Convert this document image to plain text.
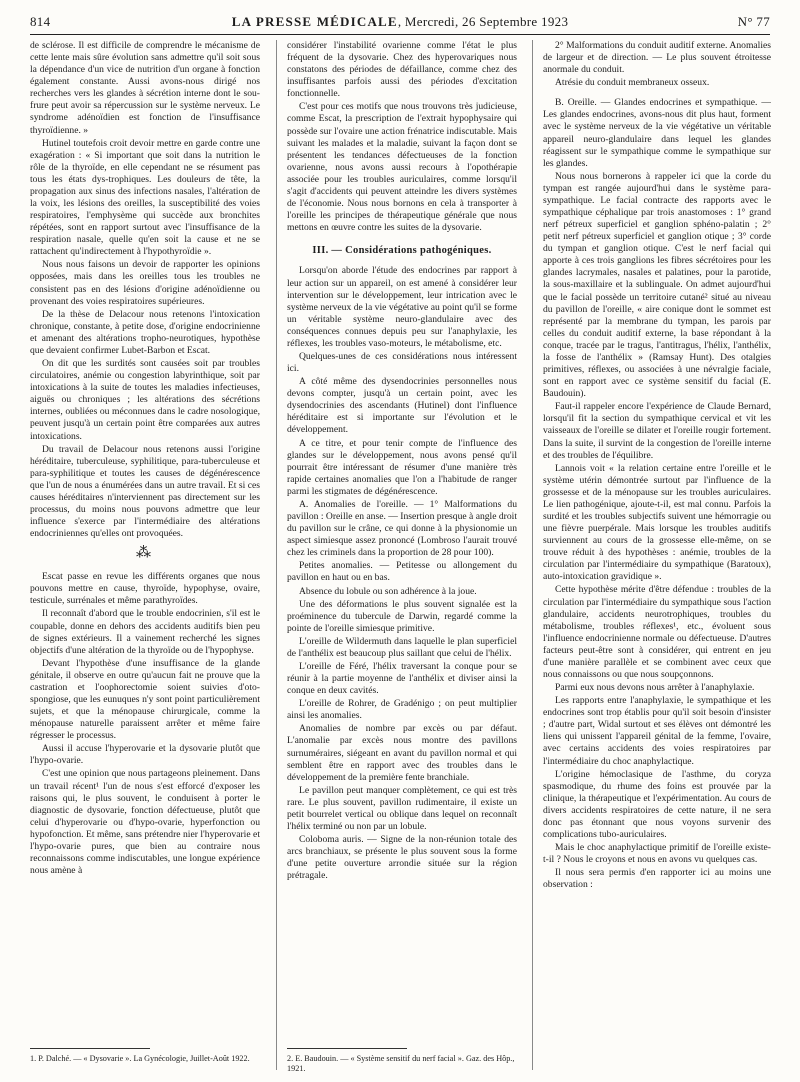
814	LA PRESSE MÉDICALE, Mercredi, 26 Septembre 1923	N° 77

de sclérose. Il est difficile de comprendre le mécanisme de cette lente mais sûre évolution sans admettre qu'il soit sous la dépendance d'un vice de nutrition d'un organe à fonction également constante. Aussi avons-nous dirigé nos recherches vers les glandes à sécrétion interne dont le sou-frure peut avoir sa répercussion sur le système nerveux. Le syndrome adénoïdien est fonction de l'insuffisance thyroïdienne. »

Hutinel toutefois croit devoir mettre en garde contre une exagération : « Si important que soit dans la nutrition le rôle de la thyroïde, en elle cependant ne se résument pas tous les états dys-trophiques. Les douleurs de tête, la propagation aux sinus des infections nasales, l'altération de la voix, les lésions des oreilles, la susceptibilité des voies respiratoires, l'emphysème qui succède aux bronchites répétées, sont en rapport surtout avec l'insuffisance de la respiration nasale, quelle qu'en soit la cause et ne se rattachent qu'indirectement à l'hypothyroïdie ».

Nous nous faisons un devoir de rapporter les opinions opposées, mais dans les oreilles tous les troubles ne consistent pas en des lésions d'origine adénoïdienne ou provenant des voies respiratoires supérieures.

De la thèse de Delacour nous retenons l'intoxication chronique, constante, à petite dose, d'origine endocrinienne et amenant des altérations tropho-neurotiques, hypothèse que devaient confirmer Lubet-Barbon et Escat.

On dit que les surdités sont causées soit par troubles circulatoires, anémie ou congestion labyrinthique, soit par intoxications à la suite de toutes les maladies infectieuses, aiguës ou chroniques ; les altérations des sécrétions internes, oubliées ou méconnues dans le cadre nosologique, peuvent jusqu'à un certain point être comparées aux autres intoxications.

Du travail de Delacour nous retenons aussi l'origine héréditaire, tuberculeuse, syphilitique, para-tuberculeuse et para-syphilitique et toutes les causes de dégénérescence que l'un de nous a énumérées dans un autre travail. Et si ces causes héréditaires n'interviennent pas directement sur les processus, du moins nous pouvons admettre que leur influence s'exerce par l'intermédiaire des altérations endocriniennes qu'elles ont provoquées.

⁂

Escat passe en revue les différents organes que nous pouvons mettre en cause, thyroïde, hypophyse, ovaire, testicule, surrénales et même parathyroïdes.

Il reconnaît d'abord que le trouble endocrinien, s'il est le coupable, donne en dehors des accidents auditifs bien peu de signes extérieurs. Il a vainement recherché les signes objectifs d'une altération de la thyroïde ou de l'hypophyse.

Devant l'hypothèse d'une insuffisance de la glande génitale, il observe en outre qu'aucun fait ne prouve que la castration et l'oophorectomie soient suivies d'oto-spongiose, que les eunuques n'y sont point particulièrement sujets, et que la ménopause chirurgicale, comme la ménopause naturelle paraissent arrêter et même faire régresser le processus.

Aussi il accuse l'hyperovarie et la dysovarie plutôt que l'hypo-ovarie.

C'est une opinion que nous partageons pleinement. Dans un travail récent¹ l'un de nous s'est efforcé d'exposer les raisons qui, le plus souvent, le conduisent à porter le diagnostic de dysovarie, fonction défectueuse, plutôt que celui d'hyperovarie ou d'hypo-ovarie, hyperfonction ou hypofonction. Et même, sans prétendre nier l'hyperovarie et l'hypo-ovarie pures, que bien au contraire nous reconnaissons comme indiscutables, une longue expérience nous amène à

considérer l'instabilité ovarienne comme l'état le plus fréquent de la dysovarie. Chez des hyperovariques nous constatons des périodes de défaillance, comme chez des insuffisantes parfois aussi des périodes d'excitation fonctionnelle.

C'est pour ces motifs que nous trouvons très judicieuse, comme Escat, la prescription de l'extrait hypophysaire qui possède sur l'ovaire une action frénatrice indiscutable. Mais suivant les malades et la maladie, suivant la façon dont se présentent les tendances défectueuses de la fonction ovarienne, nous avons aussi recours à l'opothérapie associée pour les troubles auriculaires, comme lorsqu'il s'agit d'accidents qui peuvent atteindre les divers systèmes de l'économie. Nous nous bornons en cela à transporter à l'oreille les principes de thérapeutique générale que nous mettons en œuvre contre les suites de la dysovarie.

III. — Considérations pathogéniques.

Lorsqu'on aborde l'étude des endocrines par rapport à leur action sur un appareil, on est amené à considérer leur intervention sur le développement, leur intrication avec le système nerveux de la vie végétative au point qu'il se forme un véritable système neuro-glandulaire avec des conséquences connues depuis peu sur l'anaphylaxie, les réflexes, les troubles vaso-moteurs, le métabolisme, etc.

Quelques-unes de ces considérations nous intéressent ici.

A côté même des dysendocrinies personnelles nous devons compter, jusqu'à un certain point, avec les dysendocrinies des ascendants (Hutinel) dont l'influence héréditaire est si importante sur l'évolution et le développement.

A ce titre, et pour tenir compte de l'influence des glandes sur le développement, nous avons pensé qu'il pourrait être intéressant de résumer d'une manière très rapide certaines anomalies que l'on a l'habitude de ranger parmi les stigmates de dégénérescence.

A. Anomalies de l'oreille. — 1° Malformations du pavillon : Oreille en anse. — Insertion presque à angle droit du pavillon sur le crâne, ce qui donne à la physionomie un aspect simiesque assez prononcé (Lombroso l'aurait trouvé chez les criminels dans la proportion de 28 pour 100).

Petites anomalies. — Petitesse ou allongement du pavillon en haut ou en bas.

Absence du lobule ou son adhérence à la joue.

Une des déformations le plus souvent signalée est la proéminence du tubercule de Darwin, regardé comme la pointe de l'oreille simiesque primitive.

L'oreille de Wildermuth dans laquelle le plan superficiel de l'anthélix est beaucoup plus saillant que celui de l'hélix.

L'oreille de Féré, l'hélix traversant la conque pour se réunir à la partie moyenne de l'anthélix et diviser ainsi la conque en deux cavités.

L'oreille de Rohrer, de Gradénigo ; on peut multiplier ainsi les anomalies.

Anomalies de nombre par excès ou par défaut. L'anomalie par excès nous montre des pavillons surnuméraires, siégeant en avant du pavillon normal et qui semblent être en rapport avec des troubles dans le développement de la première fente branchiale.

Le pavillon peut manquer complètement, ce qui est très rare. Le plus souvent, pavillon rudimentaire, il existe un petit bourrelet vertical ou oblique dans lequel on reconnaît l'hélix terminé ou non par un lobule.

Coloboma auris. — Signe de la non-réunion totale des arcs branchiaux, se présente le plus souvent sous la forme d'une petite ouverture arrondie située sur la région prétragale.

2° Malformations du conduit auditif externe. Anomalies de largeur et de direction. — Le plus souvent étroitesse anormale du conduit.

Atrésie du conduit membraneux osseux.

B. Oreille. — Glandes endocrines et sympathique. — Les glandes endocrines, avons-nous dit plus haut, forment avec le système nerveux de la vie végétative un véritable appareil neuro-glandulaire dans lequel les glandes réagissent sur le sympathique comme le sympathique sur les glandes.

Nous nous bornerons à rappeler ici que la corde du tympan est rangée aujourd'hui dans le système para-sympathique. Le facial contracte des rapports avec le sympathique céphalique par trois anastomoses : 1° grand nerf pétreux superficiel et ganglion sphéno-palatin ; 2° petit nerf pétreux superficiel et ganglion otique ; 3° corde du tympan et ganglion otique. C'est le nerf facial qui apporte à ces trois ganglions les fibres sécrétoires pour les glandes lacrymales, nasales et palatines, pour la parotide, la sous-maxillaire et la sublinguale. On admet aujourd'hui que le facial possède un territoire cutané² situé au niveau du pavillon de l'oreille, « aire conique dont le sommet est représenté par la membrane du tympan, les parois par celles du conduit auditif externe, la base répondant à la conque, tracée par le tragus, l'antitragus, l'hélix, l'anthélix, la fosse de l'anthélix » (Ramsay Hunt). Des otalgies primitives, réflexes, ou associées à une névralgie faciale, sont en rapport avec ce système sensitif du facial (E. Baudouin).

Faut-il rappeler encore l'expérience de Claude Bernard, lorsqu'il fit la section du sympathique cervical et vit les vaisseaux de l'oreille se dilater et l'oreille rougir fortement. Dans la suite, il survint de la congestion de l'oreille interne et des troubles de l'équilibre.

Lannois voit « la relation certaine entre l'oreille et le système utérin démontrée surtout par l'influence de la grossesse et de la ménopause sur les troubles auriculaires. Le lien pathogénique, ajoute-t-il, est mal connu. Parfois la surdité et les troubles subjectifs suivent une hémorragie ou une fièvre puerpérale. Mais lorsque les troubles auditifs surviennent au cours de la grossesse elle-même, on se trouve réduit à des hypothèses : anémie, troubles de la circulation par l'intermédiaire du sympathique (Baratoux), auto-intoxication gravidique ».

Cette hypothèse mérite d'être défendue : troubles de la circulation par l'intermédiaire du sympathique sous l'action glandulaire, accidents neurotrophiques, troubles du métabolisme, troubles réflexes¹, etc., évoluent sous l'influence endocrinienne normale ou défectueuse. D'autres facteurs peut-être sont à considérer, qui entrent en jeu d'une manière parallèle et se combinent avec ceux que nous connaissons ou que nous soupçonnons.

Parmi eux nous devons nous arrêter à l'anaphylaxie.

Les rapports entre l'anaphylaxie, le sympathique et les endocrines sont trop établis pour qu'il soit besoin d'insister ; d'autre part, Widal surtout et ses élèves ont démontré les liens qui unissent l'appareil génital de la femme, l'ovaire, avec certains accidents des voies respiratoires par l'intermédiaire du choc anaphylactique.

L'origine hémoclasique de l'asthme, du coryza spasmodique, du rhume des foins est prouvée par la clinique, la thérapeutique et l'expérimentation. Au cours de divers accidents respiratoires de cette nature, il ne sera donc pas étonnant que nous voyons survenir des complications tubo-auriculaires.

Mais le choc anaphylactique primitif de l'oreille existe-t-il ? Nous le croyons et nous en avons vu quelques cas.

Il nous sera permis d'en rapporter ici au moins une observation :

1. P. Dalché. — « Dysovarie ». La Gynécologie, Juillet-Août 1922.	2. E. Baudouin. — « Système sensitif du nerf facial ». Gaz. des Hôp., 1921.
